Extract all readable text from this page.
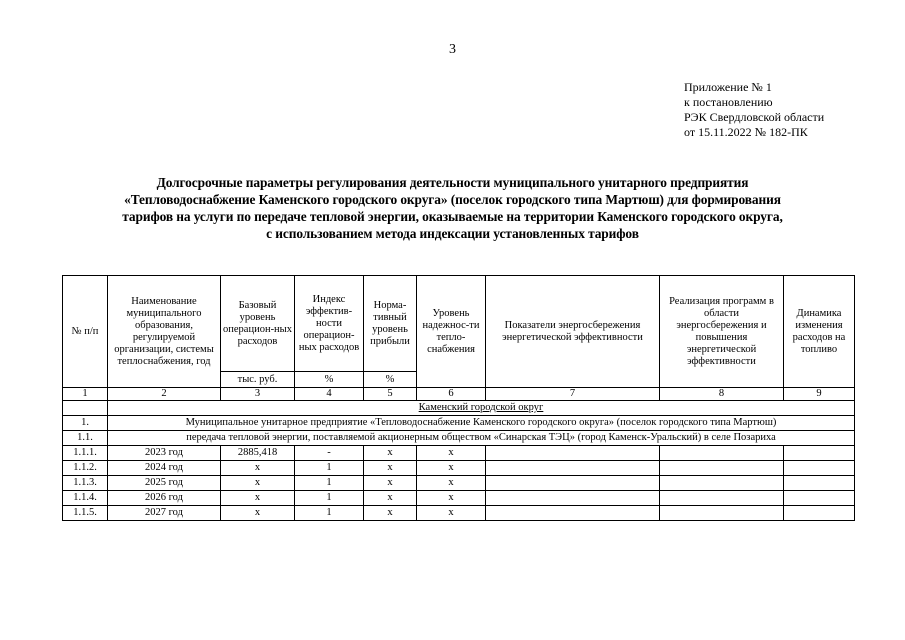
3
Приложение № 1
к постановлению
РЭК Свердловской области
от 15.11.2022 № 182-ПК
Долгосрочные параметры регулирования деятельности муниципального унитарного предприятия
«Тепловодоснабжение Каменского городского округа» (поселок городского типа Мартюш) для формирования
тарифов на услуги по передаче тепловой энергии, оказываемые на территории Каменского городского округа,
с использованием метода индексации установленных тарифов
№ п/п	Наименование муниципального образования, регулируемой организации, системы теплоснабжения, год	Базовый уровень операцион-ных расходов	Индекс эффектив-ности операцион-ных расходов	Норма-тивный уровень прибыли	Уровень надежнос-ти тепло-снабжения	Показатели энергосбережения энергетической эффективности	Реализация программ в области энергосбережения и повышения энергетической эффективности	Динамика изменения расходов на топливо
		тыс. руб.	%	%				
1	2	3	4	5	6	7	8	9
	Каменский городской округ							
1.	Муниципальное унитарное предприятие «Тепловодоснабжение Каменского городского округа» (поселок городского типа Мартюш)							
1.1.	передача тепловой энергии, поставляемой акционерным обществом «Синарская ТЭЦ» (город Каменск-Уральский) в селе Позариха							
1.1.1.	2023 год	2885,418	-	х	х			
1.1.2.	2024 год	х	1	х	х			
1.1.3.	2025 год	х	1	х	х			
1.1.4.	2026 год	х	1	х	х			
1.1.5.	2027 год	х	1	х	х			
